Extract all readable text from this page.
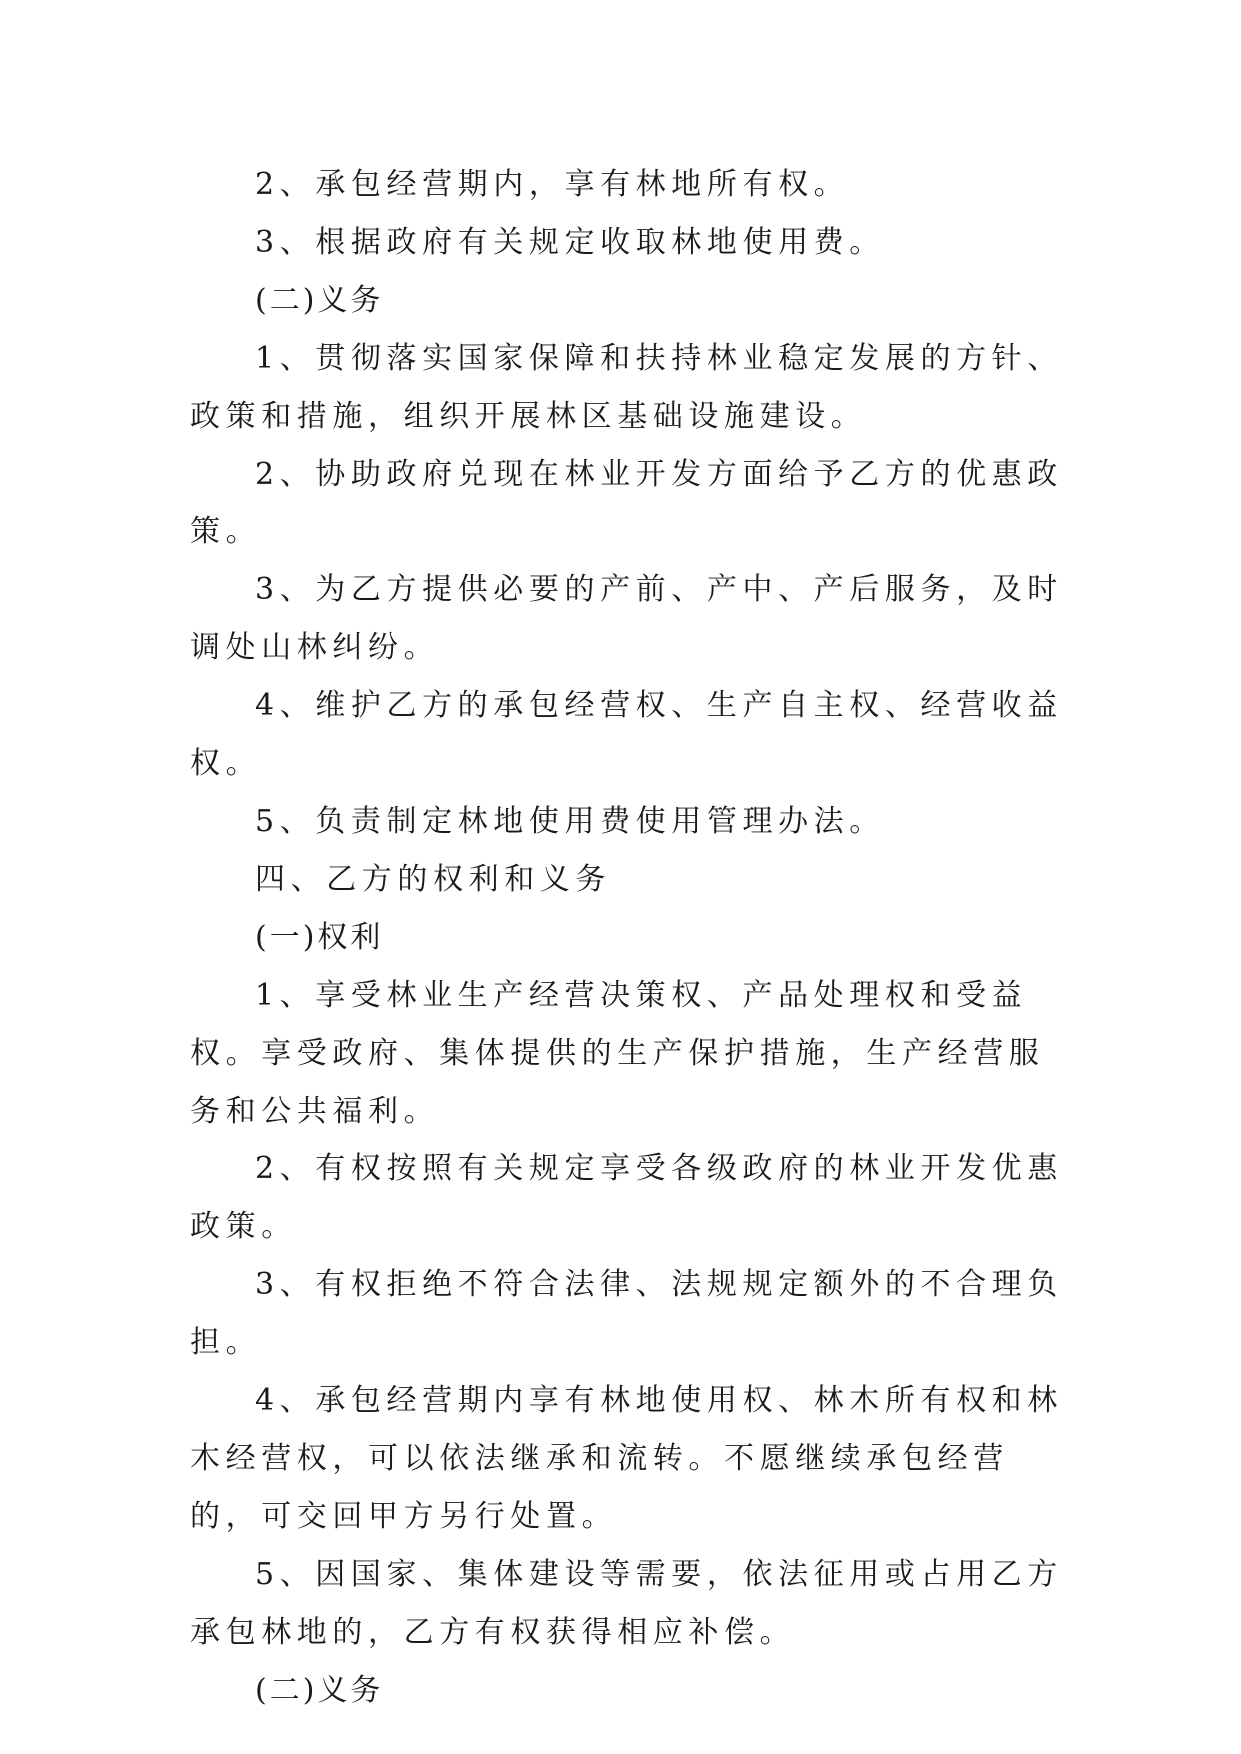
2、承包经营期内，享有林地所有权。

3、根据政府有关规定收取林地使用费。

(二)义务

1、贯彻落实国家保障和扶持林业稳定发展的方针、政策和措施，组织开展林区基础设施建设。

2、协助政府兑现在林业开发方面给予乙方的优惠政策。

3、为乙方提供必要的产前、产中、产后服务，及时调处山林纠纷。

4、维护乙方的承包经营权、生产自主权、经营收益权。

5、负责制定林地使用费使用管理办法。

四、乙方的权利和义务

(一)权利

1、享受林业生产经营决策权、产品处理权和受益权。享受政府、集体提供的生产保护措施，生产经营服务和公共福利。

2、有权按照有关规定享受各级政府的林业开发优惠政策。

3、有权拒绝不符合法律、法规规定额外的不合理负担。

4、承包经营期内享有林地使用权、林木所有权和林木经营权，可以依法继承和流转。不愿继续承包经营的，可交回甲方另行处置。

5、因国家、集体建设等需要，依法征用或占用乙方承包林地的，乙方有权获得相应补偿。

(二)义务
